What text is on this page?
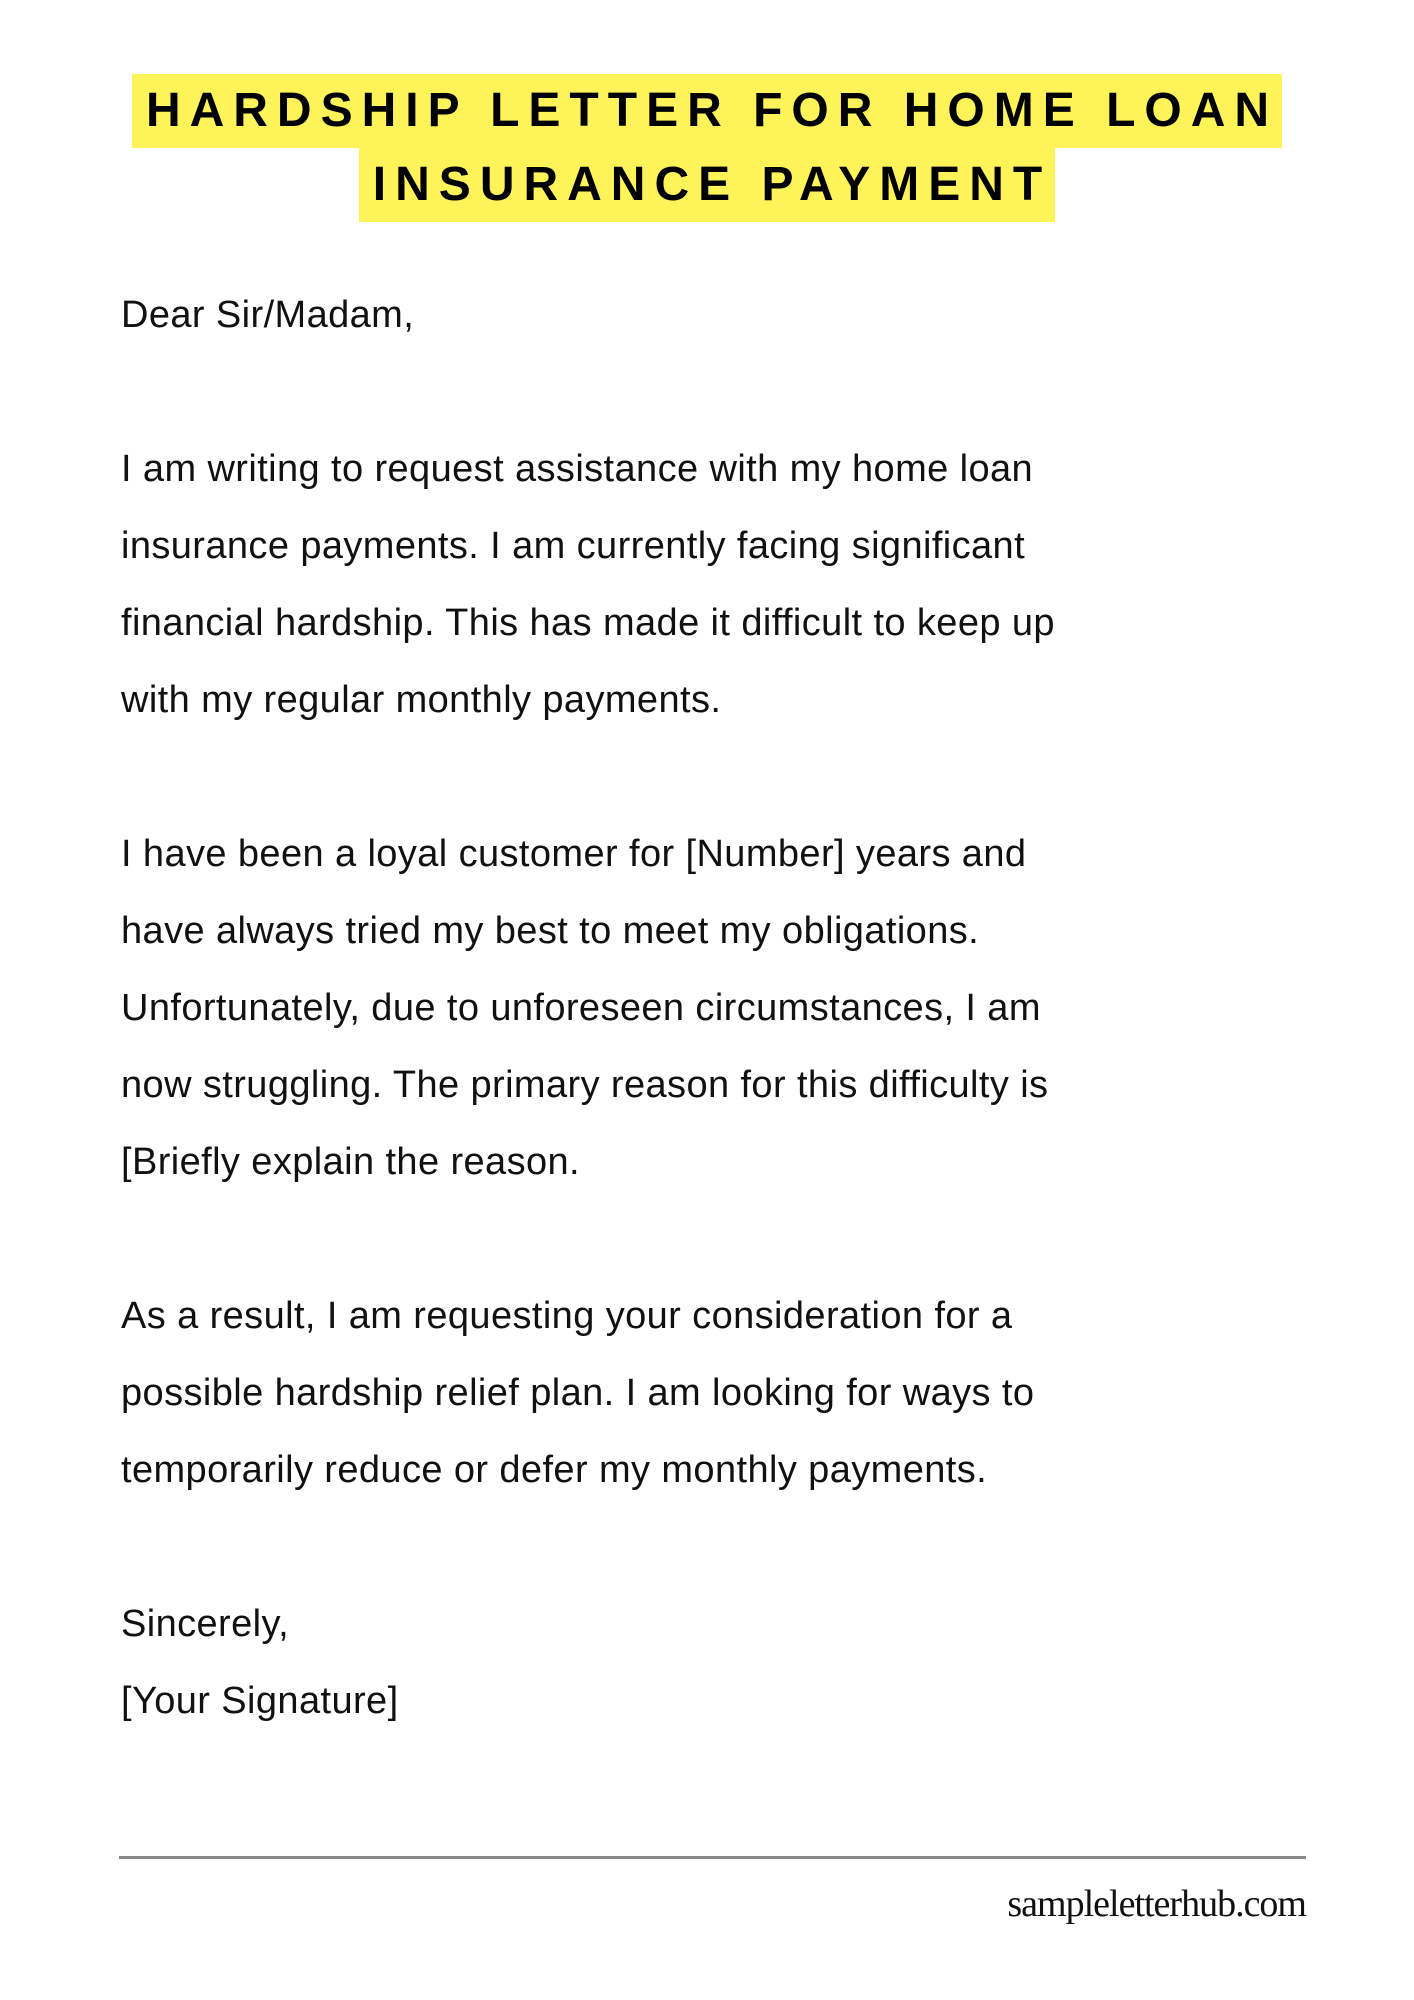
HARDSHIP LETTER FOR HOME LOAN
INSURANCE PAYMENT
Dear Sir/Madam,
I am writing to request assistance with my home loan
insurance payments. I am currently facing significant
financial hardship. This has made it difficult to keep up
with my regular monthly payments.
I have been a loyal customer for [Number] years and
have always tried my best to meet my obligations.
Unfortunately, due to unforeseen circumstances, I am
now struggling. The primary reason for this difficulty is
[Briefly explain the reason.
As a result, I am requesting your consideration for a
possible hardship relief plan. I am looking for ways to
temporarily reduce or defer my monthly payments.
Sincerely,
[Your Signature]
sampleletterhub.com
